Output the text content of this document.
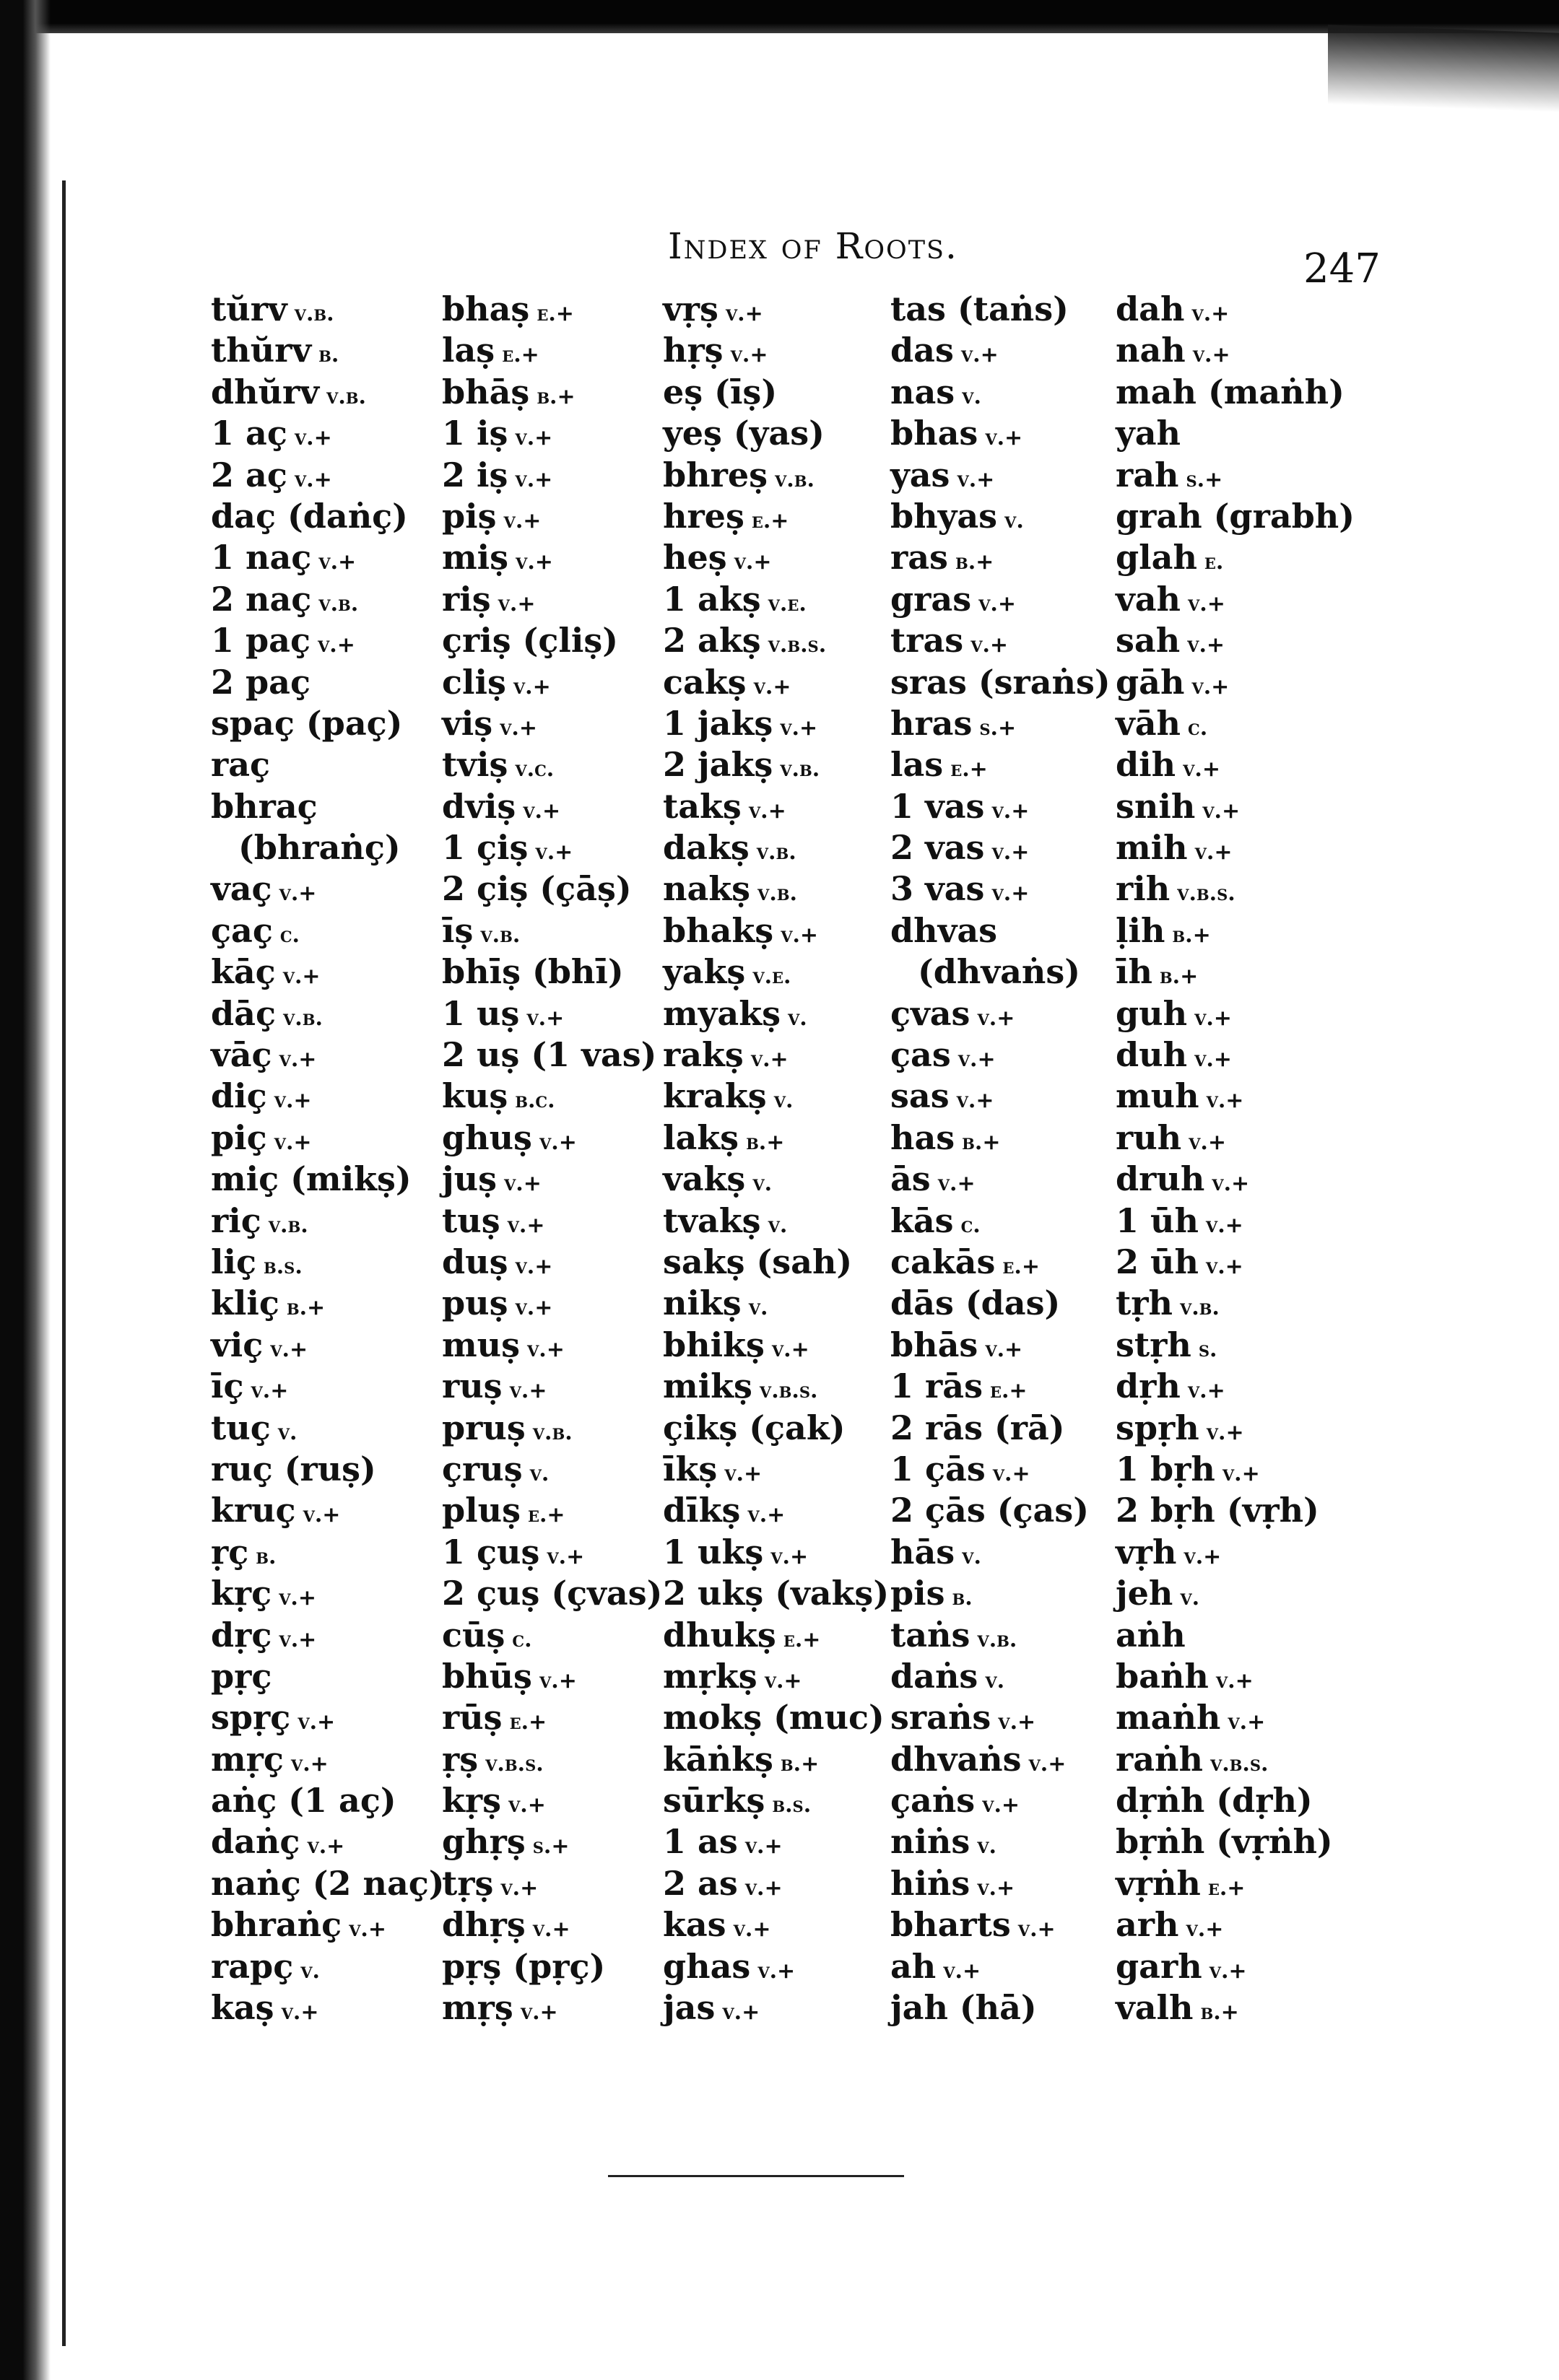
Index of Roots.	247
tŭrv v.b.
thŭrv b.
dhŭrv v.b.
1 aç v.+
2 aç v.+
daç (daṅç)
1 naç v.+
2 naç v.b.
1 paç v.+
2 paç
spaç (paç)
raç
bhraç
(bhraṅç)
vaç v.+
çaç c.
kāç v.+
dāç v.b.
vāç v.+
diç v.+
piç v.+
miç (mikṣ)
riç v.b.
liç b.s.
kliç b.+
viç v.+
īç v.+
tuç v.
ruç (ruṣ)
kruç v.+
ṛç b.
kṛç v.+
dṛç v.+
pṛç
spṛç v.+
mṛç v.+
aṅç (1 aç)
daṅç v.+
naṅç (2 naç)
bhraṅç v.+
rapç v.
kaṣ v.+
bhaṣ e.+
laṣ e.+
bhāṣ b.+
1 iṣ v.+
2 iṣ v.+
piṣ v.+
miṣ v.+
riṣ v.+
çriṣ (çliṣ)
cliṣ v.+
viṣ v.+
tviṣ v.c.
dviṣ v.+
1 çiṣ v.+
2 çiṣ (çāṣ)
īṣ v.b.
bhīṣ (bhī)
1 uṣ v.+
2 uṣ (1 vas)
kuṣ b.c.
ghuṣ v.+
juṣ v.+
tuṣ v.+
duṣ v.+
puṣ v.+
muṣ v.+
ruṣ v.+
pruṣ v.b.
çruṣ v.
pluṣ e.+
1 çuṣ v.+
2 çuṣ (çvas)
cūṣ c.
bhūṣ v.+
rūṣ e.+
ṛṣ v.b.s.
kṛṣ v.+
ghṛṣ s.+
tṛṣ v.+
dhṛṣ v.+
pṛṣ (pṛç)
mṛṣ v.+
vṛṣ v.+
hṛṣ v.+
eṣ (īṣ)
yeṣ (yas)
bhreṣ v.b.
hreṣ e.+
heṣ v.+
1 akṣ v.e.
2 akṣ v.b.s.
cakṣ v.+
1 jakṣ v.+
2 jakṣ v.b.
takṣ v.+
dakṣ v.b.
nakṣ v.b.
bhakṣ v.+
yakṣ v.e.
myakṣ v.
rakṣ v.+
krakṣ v.
lakṣ b.+
vakṣ v.
tvakṣ v.
sakṣ (sah)
nikṣ v.
bhikṣ v.+
mikṣ v.b.s.
çikṣ (çak)
īkṣ v.+
dīkṣ v.+
1 ukṣ v.+
2 ukṣ (vakṣ)
dhukṣ e.+
mṛkṣ v.+
mokṣ (muc)
kāṅkṣ b.+
sūrkṣ b.s.
1 as v.+
2 as v.+
kas v.+
ghas v.+
jas v.+
tas (taṅs)
das v.+
nas v.
bhas v.+
yas v.+
bhyas v.
ras b.+
gras v.+
tras v.+
sras (sraṅs)
hras s.+
las e.+
1 vas v.+
2 vas v.+
3 vas v.+
dhvas
(dhvaṅs)
çvas v.+
ças v.+
sas v.+
has b.+
ās v.+
kās c.
cakās e.+
dās (das)
bhās v.+
1 rās e.+
2 rās (rā)
1 çās v.+
2 çās (ças)
hās v.
pis b.
taṅs v.b.
daṅs v.
sraṅs v.+
dhvaṅs v.+
çaṅs v.+
niṅs v.
hiṅs v.+
bharts v.+
ah v.+
jah (hā)
dah v.+
nah v.+
mah (maṅh)
yah
rah s.+
grah (grabh)
glah e.
vah v.+
sah v.+
gāh v.+
vāh c.
dih v.+
snih v.+
mih v.+
rih v.b.s.
ḷih b.+
īh b.+
guh v.+
duh v.+
muh v.+
ruh v.+
druh v.+
1 ūh v.+
2 ūh v.+
tṛh v.b.
stṛh s.
dṛh v.+
spṛh v.+
1 bṛh v.+
2 bṛh (vṛh)
vṛh v.+
jeh v.
aṅh
baṅh v.+
maṅh v.+
raṅh v.b.s.
dṛṅh (dṛh)
bṛṅh (vṛṅh)
vṛṅh e.+
arh v.+
garh v.+
valh b.+
